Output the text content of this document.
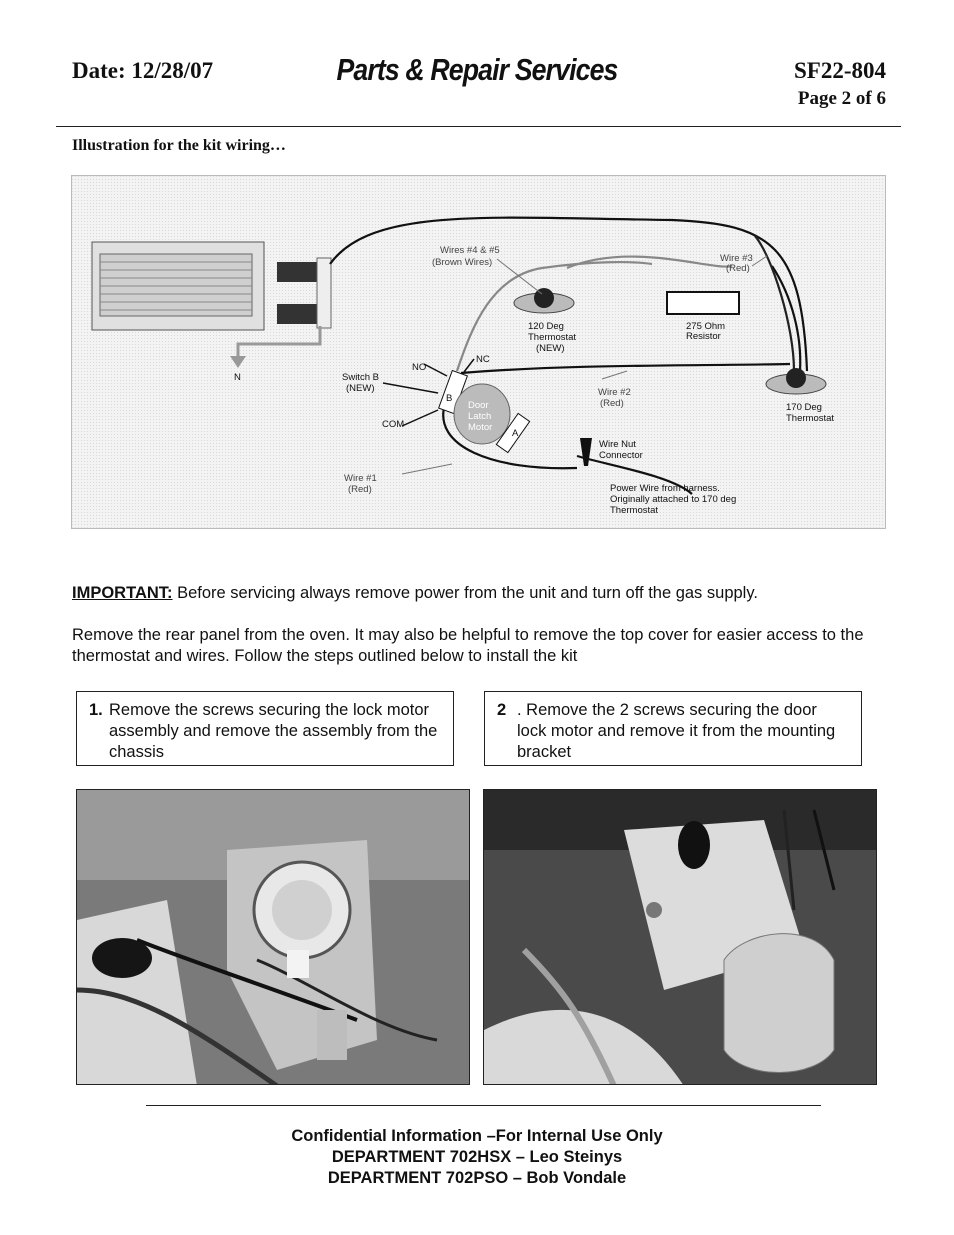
Date: 12/28/07	Parts & Repair Services	SF22-804
Page 2 of 6
Illustration for the kit wiring…
Wires #4 & #5
(Brown Wires)	Wire #3
(Red)
120 Deg
Thermostat
(NEW)
275 Ohm
Resistor
N
NO
NC
Switch B
(NEW)
COM
B
A
Door
Latch
Motor
Wire #2
(Red)	170 Deg
Thermostat
Wire Nut
Connector
Wire #1
(Red)	Power Wire from harness.
Originally attached to 170 deg
Thermostat
IMPORTANT: Before servicing always remove power from the unit and turn off the gas supply.
Remove the rear panel from the oven. It may also be helpful to remove the top cover for easier access to the thermostat and wires. Follow the steps outlined below to install the kit
1. Remove the screws securing the lock motor assembly and remove the assembly from the chassis
2 . Remove the 2 screws securing the door lock motor and remove it from the mounting bracket
Confidential Information –For Internal Use Only
DEPARTMENT 702HSX – Leo Steinys
DEPARTMENT 702PSO – Bob Vondale
